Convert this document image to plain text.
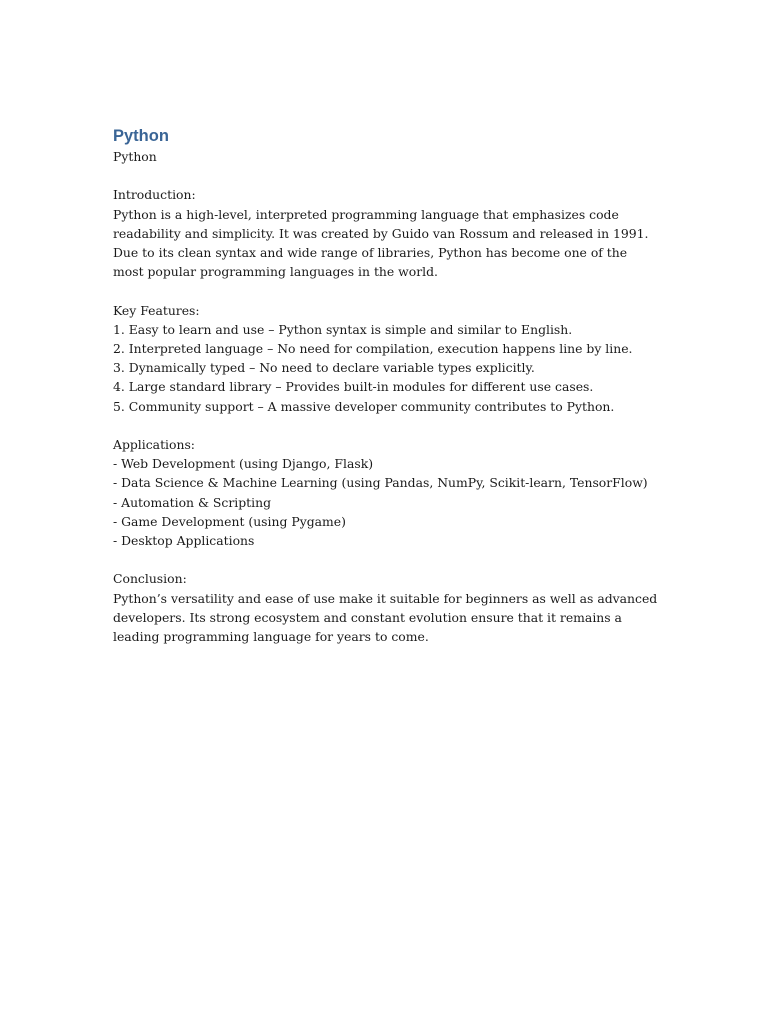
Python

Python

Introduction:

Python is a high-level, interpreted programming language that emphasizes code readability and simplicity. It was created by Guido van Rossum and released in 1991. Due to its clean syntax and wide range of libraries, Python has become one of the most popular programming languages in the world.

Key Features:

1. Easy to learn and use – Python syntax is simple and similar to English.
2. Interpreted language – No need for compilation, execution happens line by line.
3. Dynamically typed – No need to declare variable types explicitly.
4. Large standard library – Provides built-in modules for different use cases.
5. Community support – A massive developer community contributes to Python.

Applications:

- Web Development (using Django, Flask)
- Data Science & Machine Learning (using Pandas, NumPy, Scikit-learn, TensorFlow)
- Automation & Scripting
- Game Development (using Pygame)
- Desktop Applications

Conclusion:

Python’s versatility and ease of use make it suitable for beginners as well as advanced developers. Its strong ecosystem and constant evolution ensure that it remains a leading programming language for years to come.
